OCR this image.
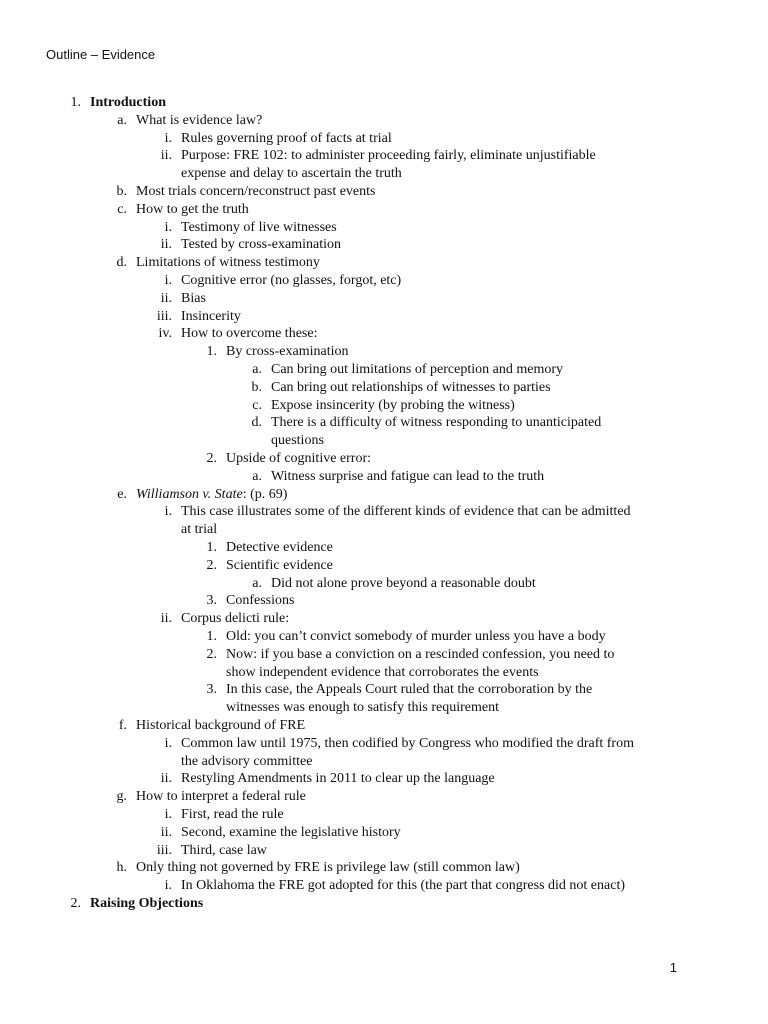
Outline – Evidence
1. Introduction
a. What is evidence law?
i. Rules governing proof of facts at trial
ii. Purpose: FRE 102: to administer proceeding fairly, eliminate unjustifiable
expense and delay to ascertain the truth
b. Most trials concern/reconstruct past events
c. How to get the truth
i. Testimony of live witnesses
ii. Tested by cross-examination
d. Limitations of witness testimony
i. Cognitive error (no glasses, forgot, etc)
ii. Bias
iii. Insincerity
iv. How to overcome these:
1. By cross-examination
a. Can bring out limitations of perception and memory
b. Can bring out relationships of witnesses to parties
c. Expose insincerity (by probing the witness)
d. There is a difficulty of witness responding to unanticipated
questions
2. Upside of cognitive error:
a. Witness surprise and fatigue can lead to the truth
e. Williamson v. State: (p. 69)
i. This case illustrates some of the different kinds of evidence that can be admitted
at trial
1. Detective evidence
2. Scientific evidence
a. Did not alone prove beyond a reasonable doubt
3. Confessions
ii. Corpus delicti rule:
1. Old: you can’t convict somebody of murder unless you have a body
2. Now: if you base a conviction on a rescinded confession, you need to
show independent evidence that corroborates the events
3. In this case, the Appeals Court ruled that the corroboration by the
witnesses was enough to satisfy this requirement
f. Historical background of FRE
i. Common law until 1975, then codified by Congress who modified the draft from
the advisory committee
ii. Restyling Amendments in 2011 to clear up the language
g. How to interpret a federal rule
i. First, read the rule
ii. Second, examine the legislative history
iii. Third, case law
h. Only thing not governed by FRE is privilege law (still common law)
i. In Oklahoma the FRE got adopted for this (the part that congress did not enact)
2. Raising Objections
1
